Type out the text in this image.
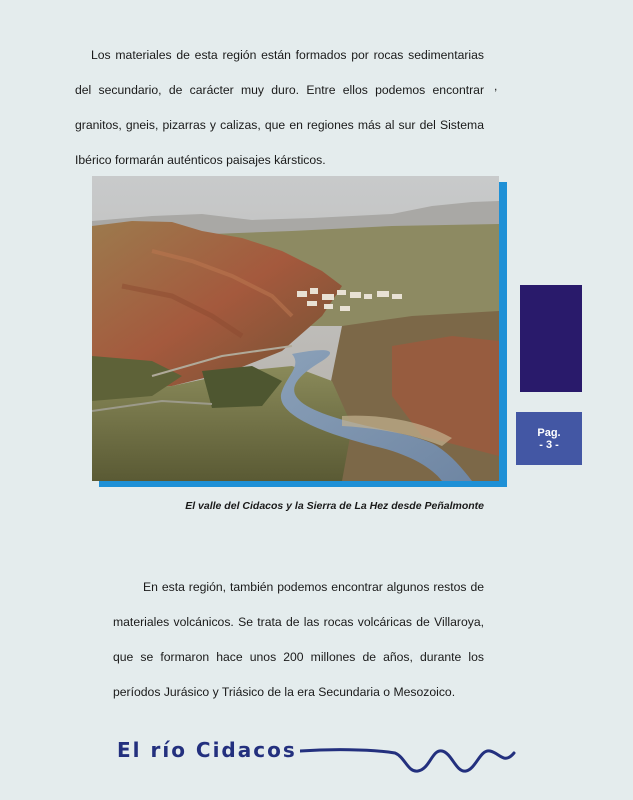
Los materiales de esta región están formados por rocas sedimentarias del secundario, de carácter muy duro. Entre ellos podemos encontrar granitos, gneis, pizarras y calizas, que en regiones más al sur del Sistema Ibérico formarán auténticos paisajes kársticos.

,
El valle del Cidacos y la Sierra de La Hez desde Peñalmonte
Pag.
- 3 -

En esta región, también podemos encontrar algunos restos de materiales volcánicos. Se trata de las rocas volcáricas de Villaroya, que se formaron hace unos 200 millones de años, durante los períodos Jurásico y Triásico de la era Secundaria o Mesozoico.

El río Cidacos
